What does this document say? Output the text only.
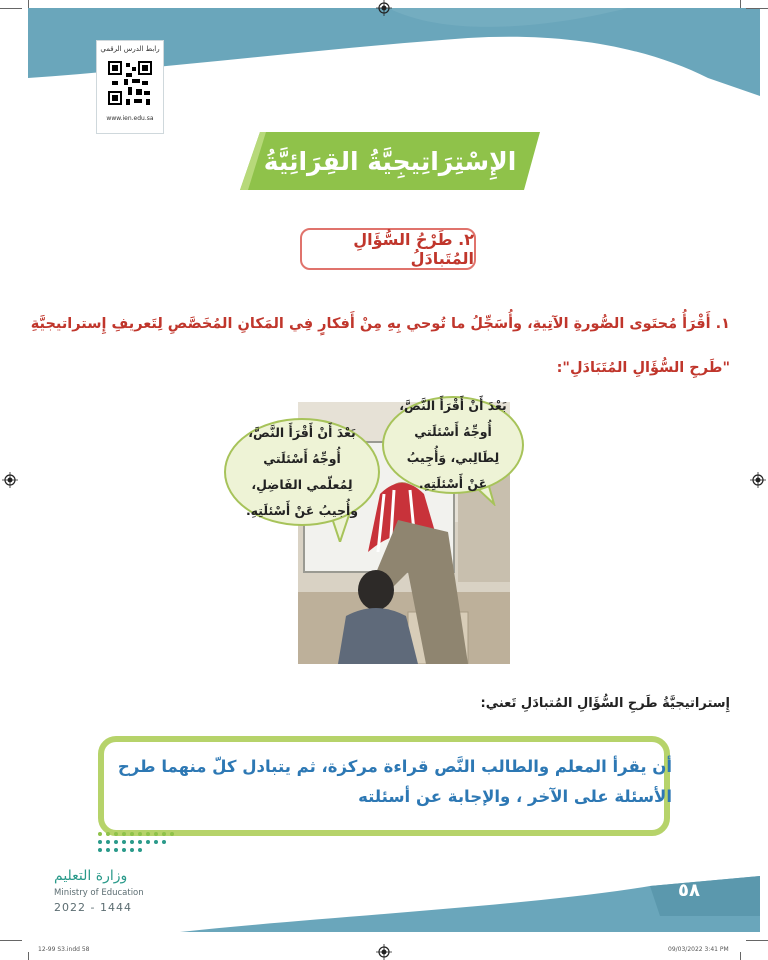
رابط الدرس الرقمي
www.ien.edu.sa
الإِسْتِرَاتِيجِيَّةُ القِرَائِيَّةُ
٢. طَرْحُ السُّؤَالِ المُتَبادَلُ
١. أَقْرَأُ مُحتَوى الصُّورةِ الآتِيةِ، وأُسَجِّلُ ما تُوحي بِهِ مِنْ أَفكارٍ فِي المَكانِ المُخَصَّصِ لِتَعريفِ إِستراتيجيَّةِ
"طَرحِ السُّؤَالِ المُتَبَادَلِ":
بَعْدَ أَنْ أَقْرَأَ النَّصَّ، أُوجِّهُ أَسْئلَتي لِمُعلّمي الفَاضِلِ، وأُجيبُ عَنْ أَسْئلَتِهِ.
بَعْدَ أَنْ أَقْرَأَ النَّصَّ، أُوجِّهُ أَسْئلَتي لِطَالِبي، وَأُجِيبُ عَنْ أَسْئلَتِهِ.
إِستراتيجيَّةُ طَرحِ السُّؤَالِ المُتبادَلِ تَعني:
أن يقرأ المعلم والطالب النَّص قراءة مركزة، ثم يتبادل كلّ منهما طرح الأسئلة على الآخر ، والإجابة عن أسئلته
وزارة التعليم
Ministry of Education
2022 - 1444
٥٨
12-99 S3.indd 58	09/03/2022 3:41 PM
